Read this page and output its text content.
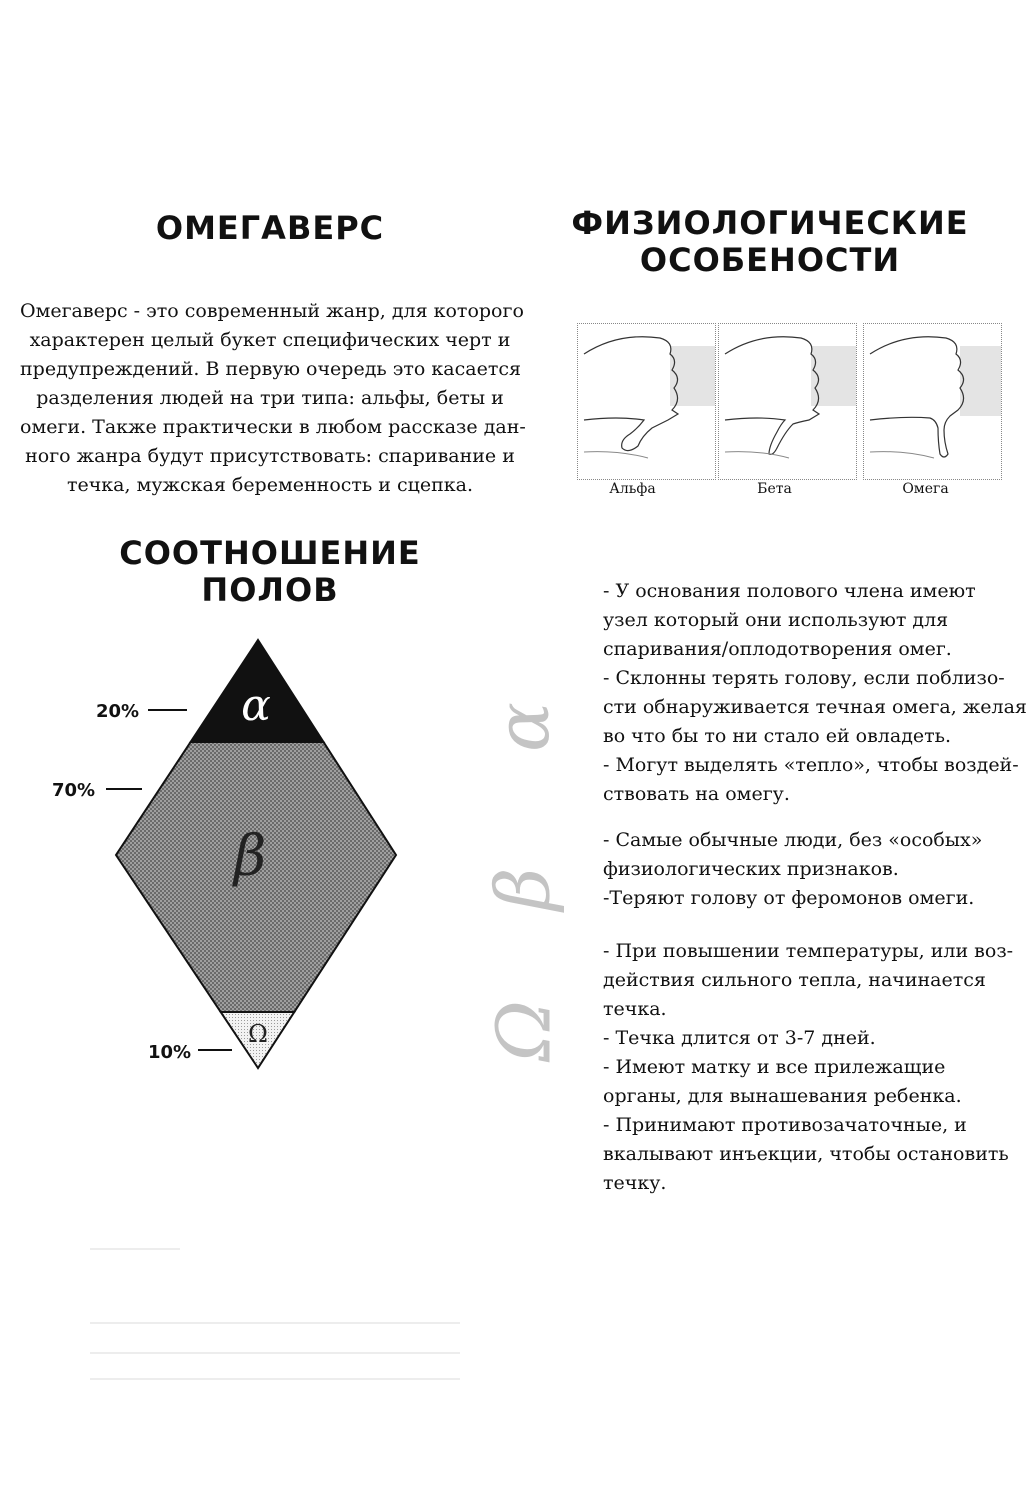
ОМЕГАВЕРС
СООТНОШЕНИЕ
ПОЛОВ
ФИЗИОЛОГИЧЕСКИЕ
ОСОБЕНОСТИ
Омегаверс - это современный жанр, для которого
характерен целый букет специфических черт и
предупреждений. В первую очередь это касается
разделения людей на три типа: альфы, беты и
омеги. Также практически в любом рассказе дан-
ного жанра будут присутствовать: спаривание и
течка, мужская беременность и сцепка.	Альфа	Бета	Омега
α
β
Ω
20%
70%
10%
α
β
Ω
- У основания полового члена имеют
узел который они используют для
спаривания/оплодотворения омег.
- Склонны терять голову, если поблизо-
сти обнаруживается течная омега, желая
во что бы то ни стало ей овладеть.
- Могут выделять «тепло», чтобы воздей-
ствовать на омегу.
- Самые обычные люди, без «особых»
физиологических признаков.
-Теряют голову от феромонов омеги.
- При повышении температуры, или воз-
действия сильного тепла, начинается
течка.
- Течка длится от 3-7 дней.
- Имеют матку и все прилежащие
органы, для вынашевания ребенка.
- Принимают противозачаточные, и
вкалывают инъекции, чтобы остановить
течку.
